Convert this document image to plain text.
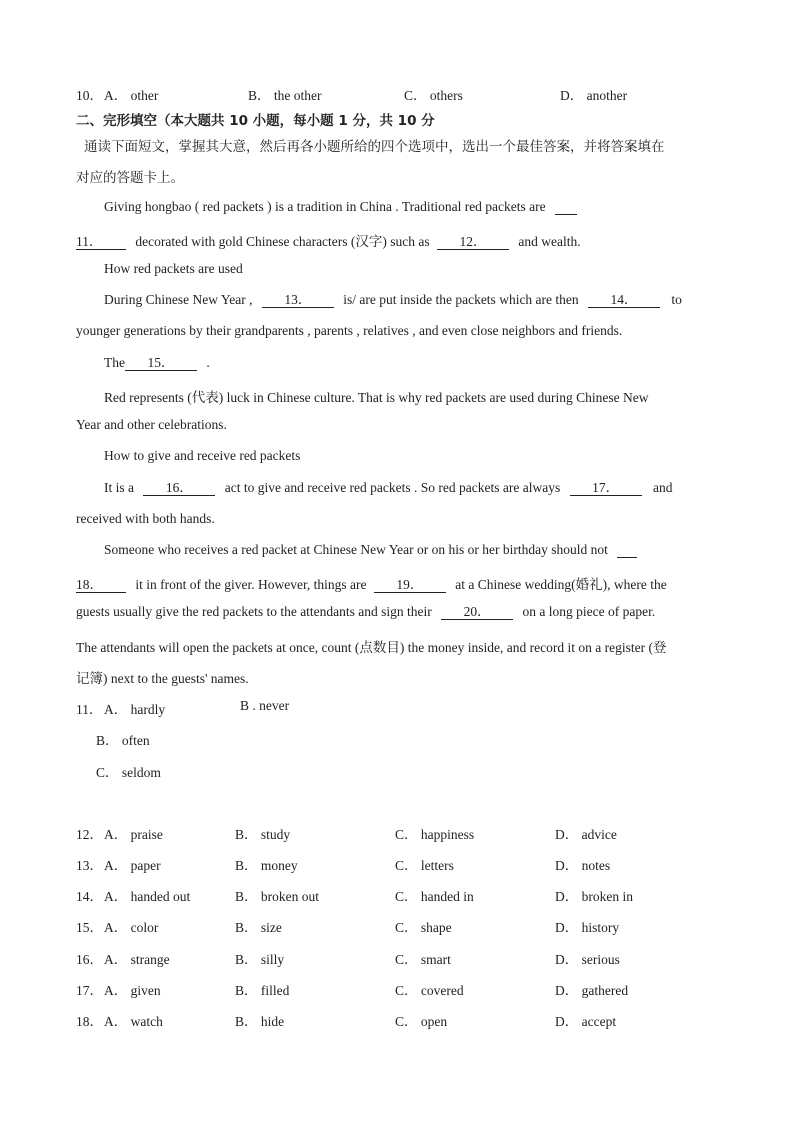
10． A． other	B． the other	C． others	D． another
二、完形填空（本大题共 10 小题，每小题 1 分，共 10 分
通读下面短文，掌握其大意，然后再各小题所给的四个选项中，选出一个最佳答案，并将答案填在
对应的答题卡上。
Giving hongbao ( red packets ) is a tradition in China . Traditional red packets are
11． decorated with gold Chinese characters (汉字) such as 12． and wealth.
How red packets are used
During Chinese New Year , 13． is/ are put inside the packets which are then 14．	to
younger generations by their grandparents , parents , relatives , and even close neighbors and friends.
The 15． .
Red represents (代表) luck in Chinese culture. That is why red packets are used during Chinese New
Year and other celebrations.
How to give and receive red packets
It is a 16． act to give and receive red packets . So red packets are always 17．	and
received with both hands.
Someone who receives a red packet at Chinese New Year or on his or her birthday should not
18． it in front of the giver. However, things are 19． at a Chinese wedding(婚礼), where the
guests usually give the red packets to the attendants and sign their 20． on a long piece of paper.
The attendants will open the packets at once, count (点数目) the money inside, and record it on a register (登
记簿) next to the guests' names.
11． A． hardly	B . never
B． often
C． seldom
12． A． praise	B． study	C． happiness	D． advice
13． A． paper	B． money	C． letters	D． notes
14． A． handed out	B． broken out	C． handed in	D． broken in
15． A． color	B． size	C． shape	D． history
16． A． strange	B． silly	C． smart	D． serious
17． A． given	B． filled	C． covered	D． gathered
18． A． watch	B． hide	C． open	D． accept
